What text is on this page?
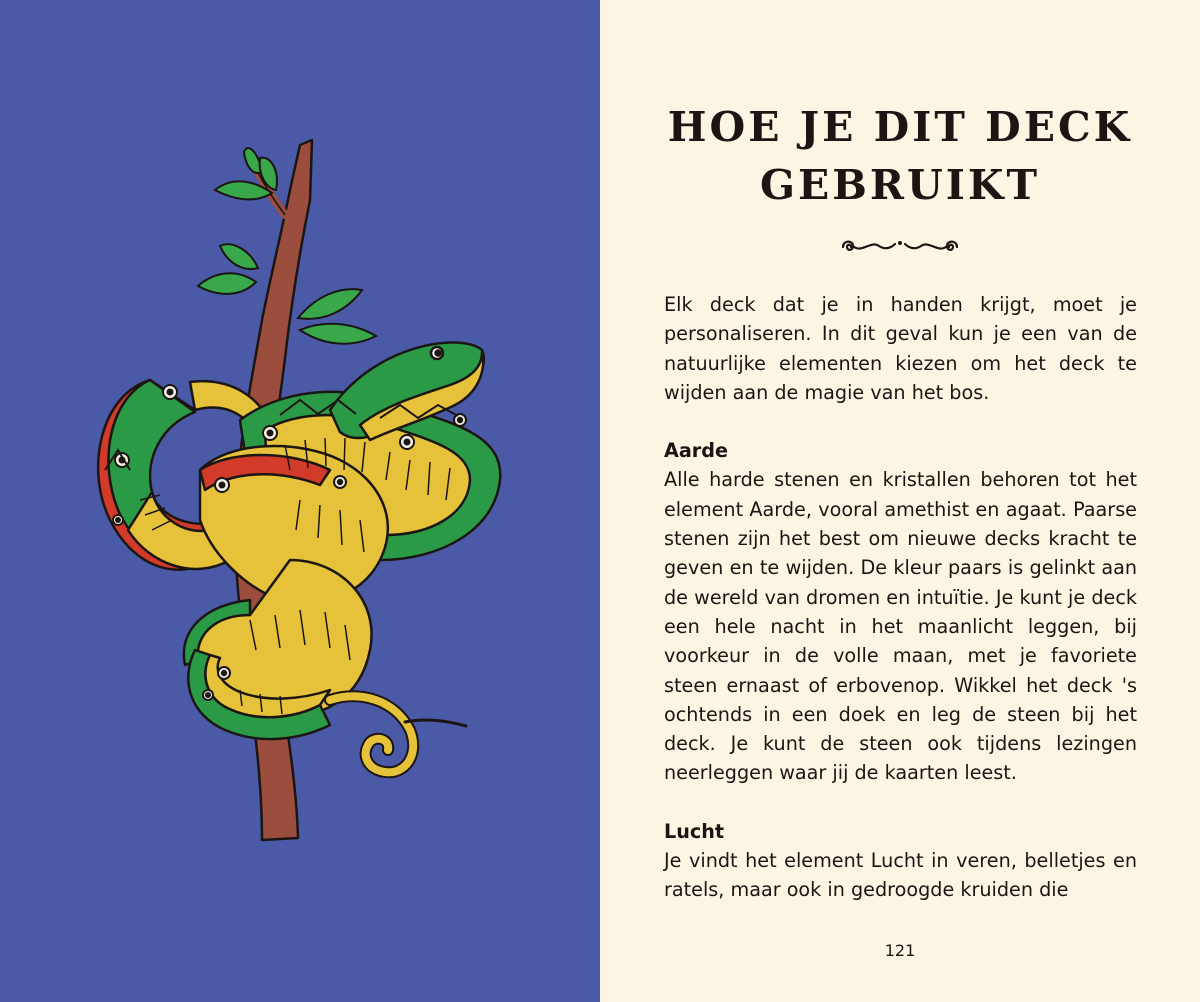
HOE JE DIT DECK
GEBRUIKT

Elk deck dat je in handen krijgt, moet je personaliseren. In dit geval kun je een van de natuurlijke elementen kiezen om het deck te wijden aan de magie van het bos.

Aarde

Alle harde stenen en kristallen behoren tot het element Aarde, vooral amethist en agaat. Paarse stenen zijn het best om nieuwe decks kracht te geven en te wijden. De kleur paars is gelinkt aan de wereld van dromen en intuïtie. Je kunt je deck een hele nacht in het maanlicht leggen, bij voorkeur in de volle maan, met je favoriete steen ernaast of erbovenop. Wikkel het deck 's ochtends in een doek en leg de steen bij het deck. Je kunt de steen ook tijdens lezingen neerleggen waar jij de kaarten leest.

Lucht

Je vindt het element Lucht in veren, belletjes en ratels, maar ook in gedroogde kruiden die

121
